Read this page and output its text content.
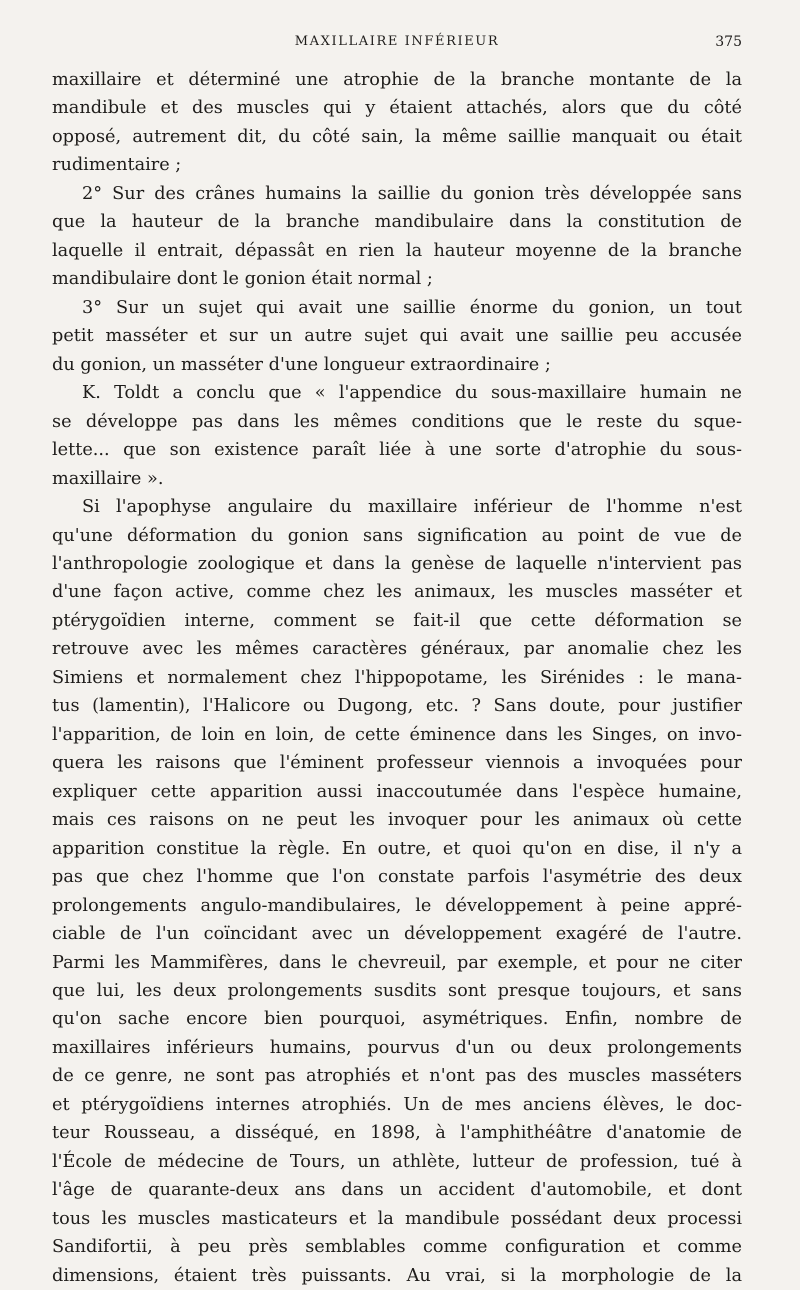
MAXILLAIRE INFÉRIEUR	375
maxillaire et déterminé une atrophie de la branche montante de la
mandibule et des muscles qui y étaient attachés, alors que du côté
opposé, autrement dit, du côté sain, la même saillie manquait ou était
rudimentaire ;
2° Sur des crânes humains la saillie du gonion très développée sans
que la hauteur de la branche mandibulaire dans la constitution de
laquelle il entrait, dépassât en rien la hauteur moyenne de la branche
mandibulaire dont le gonion était normal ;
3° Sur un sujet qui avait une saillie énorme du gonion, un tout
petit masséter et sur un autre sujet qui avait une saillie peu accusée
du gonion, un masséter d'une longueur extraordinaire ;
K. Toldt a conclu que « l'appendice du sous-maxillaire humain ne
se développe pas dans les mêmes conditions que le reste du sque-
lette... que son existence paraît liée à une sorte d'atrophie du sous-
maxillaire ».
Si l'apophyse angulaire du maxillaire inférieur de l'homme n'est
qu'une déformation du gonion sans signification au point de vue de
l'anthropologie zoologique et dans la genèse de laquelle n'intervient pas
d'une façon active, comme chez les animaux, les muscles masséter et
ptérygoïdien interne, comment se fait-il que cette déformation se
retrouve avec les mêmes caractères généraux, par anomalie chez les
Simiens et normalement chez l'hippopotame, les Sirénides : le mana-
tus (lamentin), l'Halicore ou Dugong, etc. ? Sans doute, pour justifier
l'apparition, de loin en loin, de cette éminence dans les Singes, on invo-
quera les raisons que l'éminent professeur viennois a invoquées pour
expliquer cette apparition aussi inaccoutumée dans l'espèce humaine,
mais ces raisons on ne peut les invoquer pour les animaux où cette
apparition constitue la règle. En outre, et quoi qu'on en dise, il n'y a
pas que chez l'homme que l'on constate parfois l'asymétrie des deux
prolongements angulo-mandibulaires, le développement à peine appré-
ciable de l'un coïncidant avec un développement exagéré de l'autre.
Parmi les Mammifères, dans le chevreuil, par exemple, et pour ne citer
que lui, les deux prolongements susdits sont presque toujours, et sans
qu'on sache encore bien pourquoi, asymétriques. Enfin, nombre de
maxillaires inférieurs humains, pourvus d'un ou deux prolongements
de ce genre, ne sont pas atrophiés et n'ont pas des muscles masséters
et ptérygoïdiens internes atrophiés. Un de mes anciens élèves, le doc-
teur Rousseau, a disséqué, en 1898, à l'amphithéâtre d'anatomie de
l'École de médecine de Tours, un athlète, lutteur de profession, tué à
l'âge de quarante-deux ans dans un accident d'automobile, et dont
tous les muscles masticateurs et la mandibule possédant deux processi
Sandifortii, à peu près semblables comme configuration et comme
dimensions, étaient très puissants. Au vrai, si la morphologie de la
